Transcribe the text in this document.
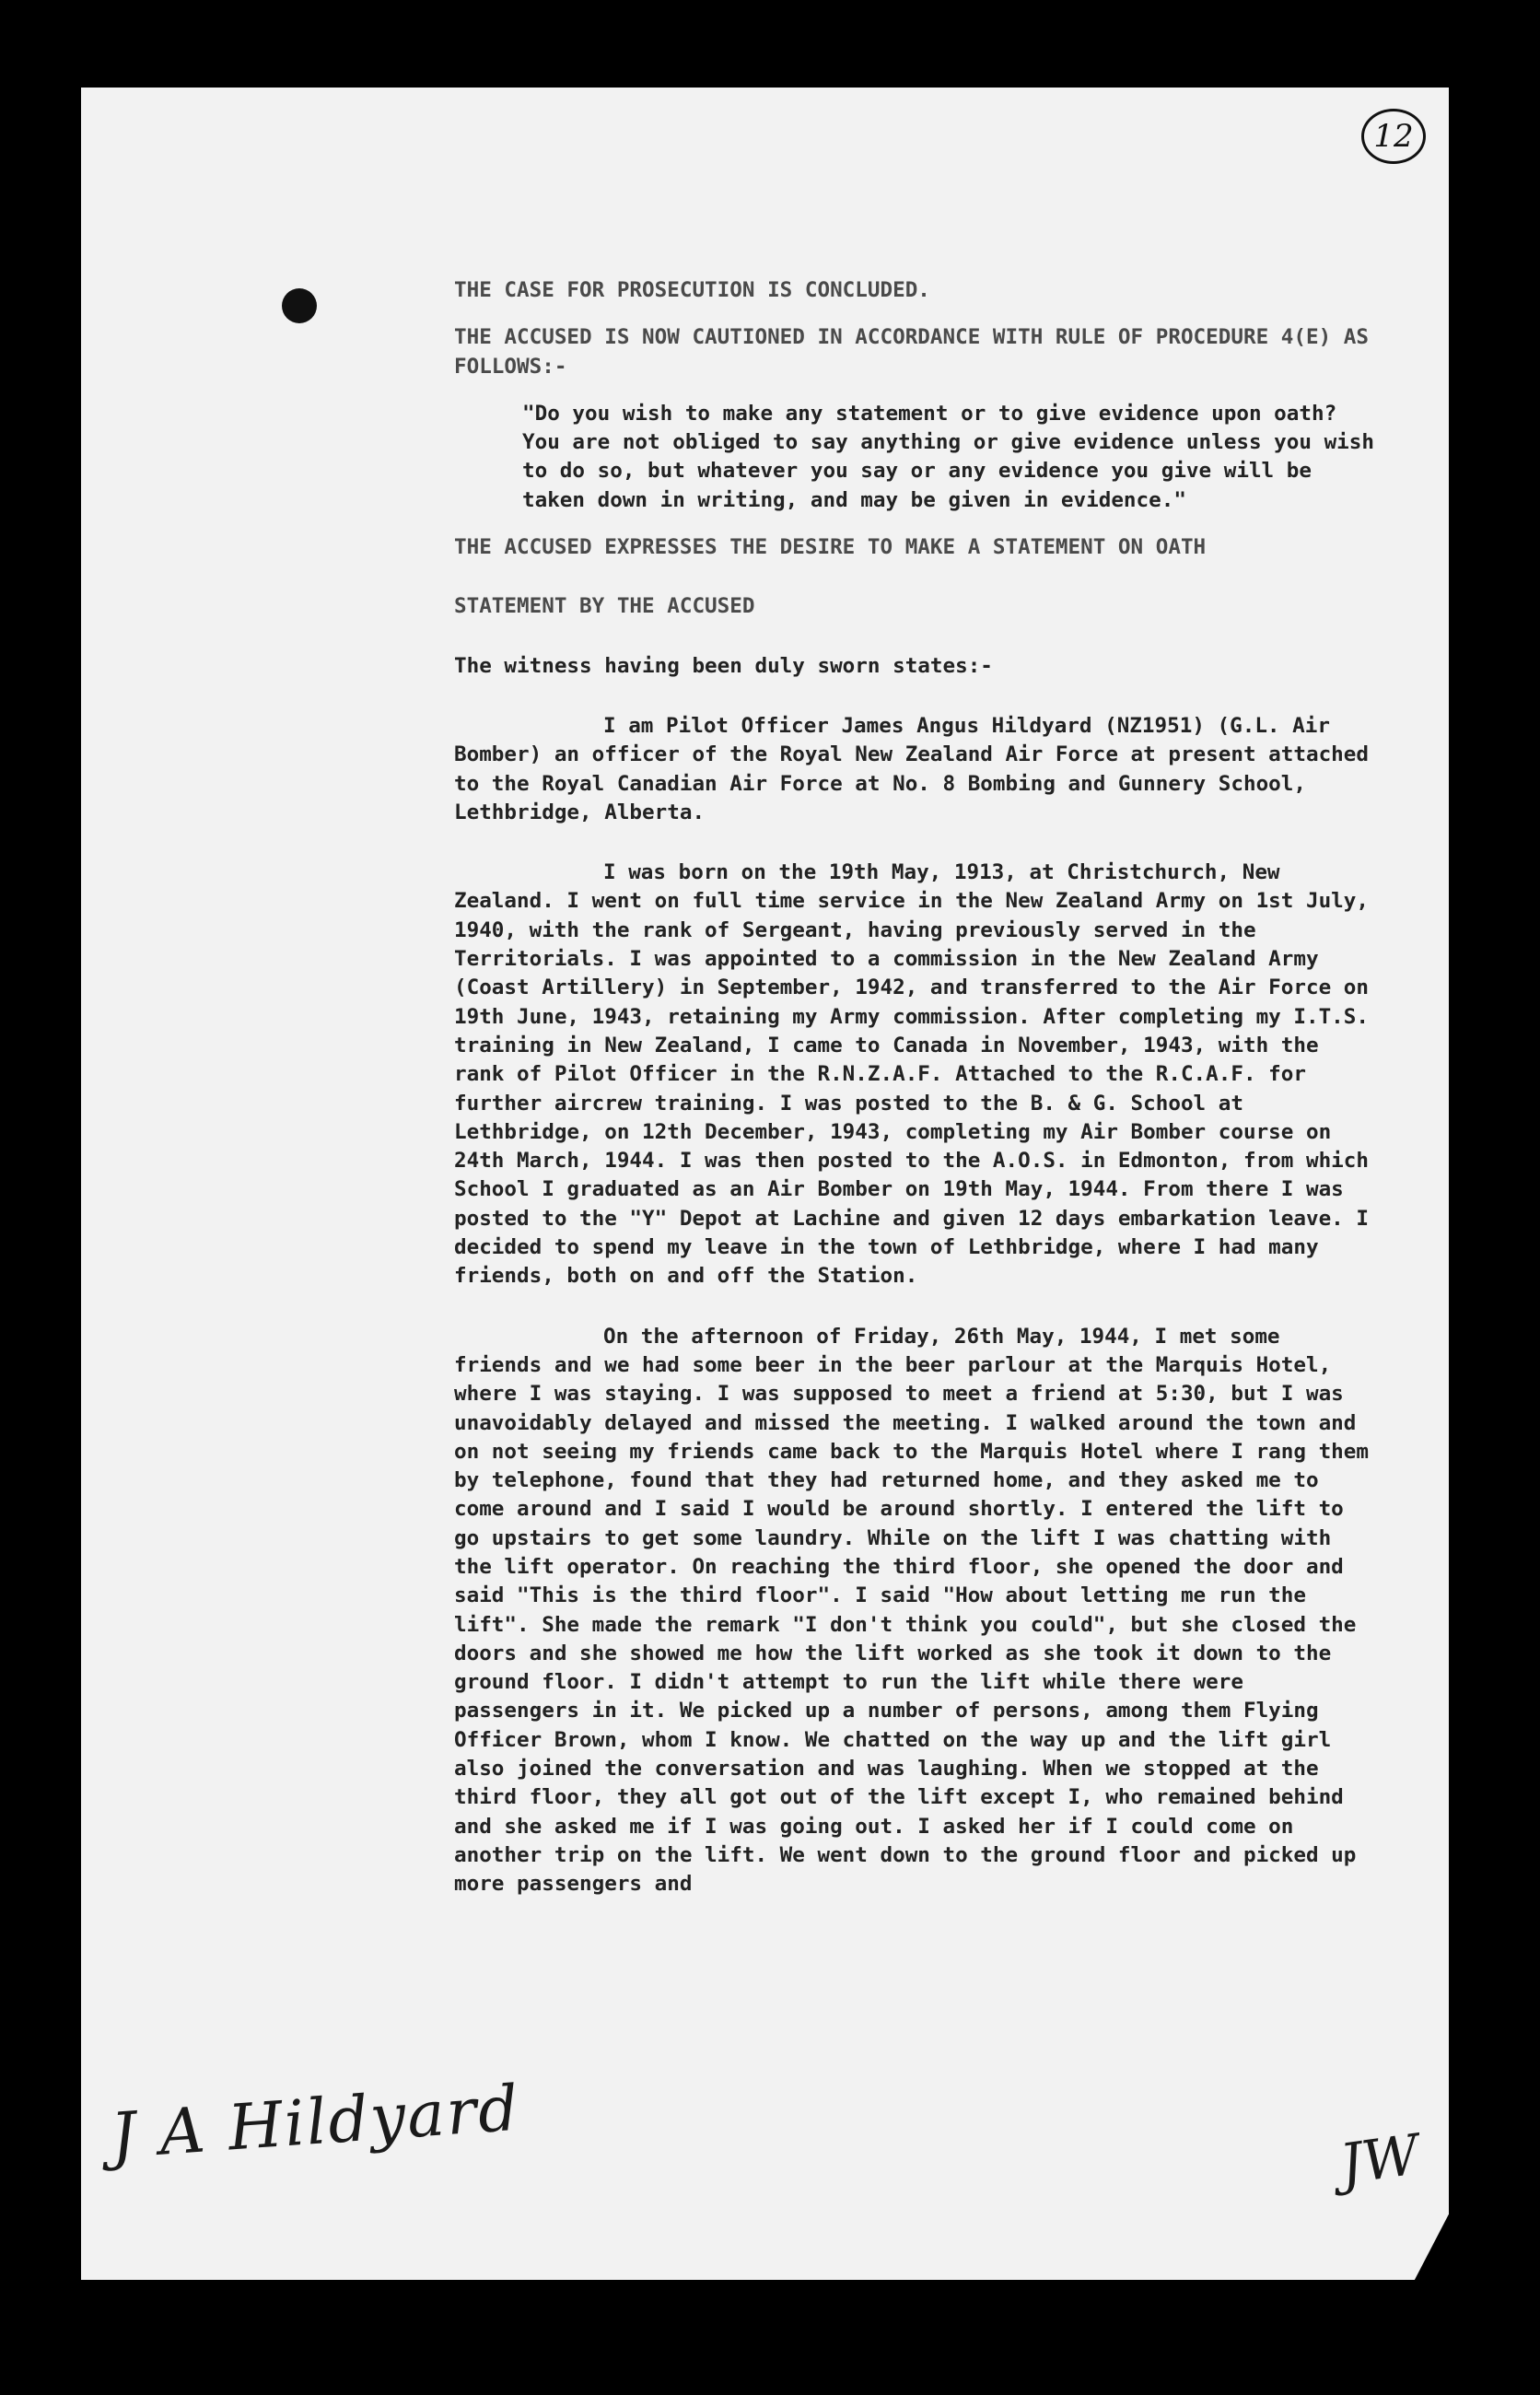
12

THE CASE FOR PROSECUTION IS CONCLUDED.

THE ACCUSED IS NOW CAUTIONED IN ACCORDANCE WITH RULE OF PROCEDURE 4(E) AS FOLLOWS:-

"Do you wish to make any statement or to give evidence upon oath? You are not obliged to say anything or give evidence unless you wish to do so, but whatever you say or any evidence you give will be taken down in writing, and may be given in evidence."

THE ACCUSED EXPRESSES THE DESIRE TO MAKE A STATEMENT ON OATH

STATEMENT BY THE ACCUSED

The witness having been duly sworn states:-

I am Pilot Officer James Angus Hildyard (NZ1951) (G.L. Air Bomber) an officer of the Royal New Zealand Air Force at present attached to the Royal Canadian Air Force at No. 8 Bombing and Gunnery School, Lethbridge, Alberta.

I was born on the 19th May, 1913, at Christchurch, New Zealand. I went on full time service in the New Zealand Army on 1st July, 1940, with the rank of Sergeant, having previously served in the Territorials. I was appointed to a commission in the New Zealand Army (Coast Artillery) in September, 1942, and transferred to the Air Force on 19th June, 1943, retaining my Army commission. After completing my I.T.S. training in New Zealand, I came to Canada in November, 1943, with the rank of Pilot Officer in the R.N.Z.A.F. Attached to the R.C.A.F. for further aircrew training. I was posted to the B. & G. School at Lethbridge, on 12th December, 1943, completing my Air Bomber course on 24th March, 1944. I was then posted to the A.O.S. in Edmonton, from which School I graduated as an Air Bomber on 19th May, 1944. From there I was posted to the "Y" Depot at Lachine and given 12 days embarkation leave. I decided to spend my leave in the town of Lethbridge, where I had many friends, both on and off the Station.

On the afternoon of Friday, 26th May, 1944, I met some friends and we had some beer in the beer parlour at the Marquis Hotel, where I was staying. I was supposed to meet a friend at 5:30, but I was unavoidably delayed and missed the meeting. I walked around the town and on not seeing my friends came back to the Marquis Hotel where I rang them by telephone, found that they had returned home, and they asked me to come around and I said I would be around shortly. I entered the lift to go upstairs to get some laundry. While on the lift I was chatting with the lift operator. On reaching the third floor, she opened the door and said "This is the third floor". I said "How about letting me run the lift". She made the remark "I don't think you could", but she closed the doors and she showed me how the lift worked as she took it down to the ground floor. I didn't attempt to run the lift while there were passengers in it. We picked up a number of persons, among them Flying Officer Brown, whom I know. We chatted on the way up and the lift girl also joined the conversation and was laughing. When we stopped at the third floor, they all got out of the lift except I, who remained behind and she asked me if I was going out. I asked her if I could come on another trip on the lift. We went down to the ground floor and picked up more passengers and

J A Hildyard	JW
